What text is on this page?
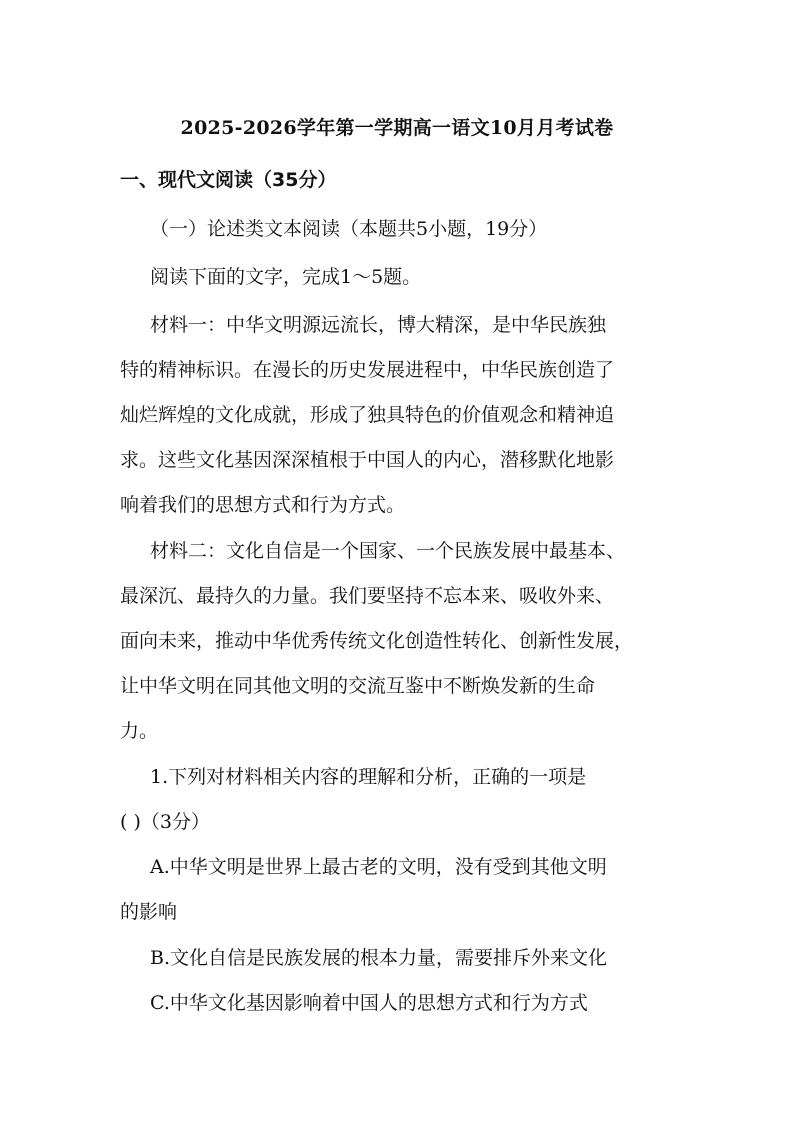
2025-2026学年第一学期高一语文10月月考试卷
一、现代文阅读（35分）
（一）论述类文本阅读（本题共5小题，19分）
阅读下面的文字，完成1～5题。
材料一：中华文明源远流长，博大精深，是中华民族独
特的精神标识。在漫长的历史发展进程中，中华民族创造了
灿烂辉煌的文化成就，形成了独具特色的价值观念和精神追
求。这些文化基因深深植根于中国人的内心，潜移默化地影
响着我们的思想方式和行为方式。
材料二：文化自信是一个国家、一个民族发展中最基本、
最深沉、最持久的力量。我们要坚持不忘本来、吸收外来、
面向未来，推动中华优秀传统文化创造性转化、创新性发展，
让中华文明在同其他文明的交流互鉴中不断焕发新的生命
力。
1.下列对材料相关内容的理解和分析，正确的一项是
( )（3分）
A.中华文明是世界上最古老的文明，没有受到其他文明
的影响
B.文化自信是民族发展的根本力量，需要排斥外来文化
C.中华文化基因影响着中国人的思想方式和行为方式
